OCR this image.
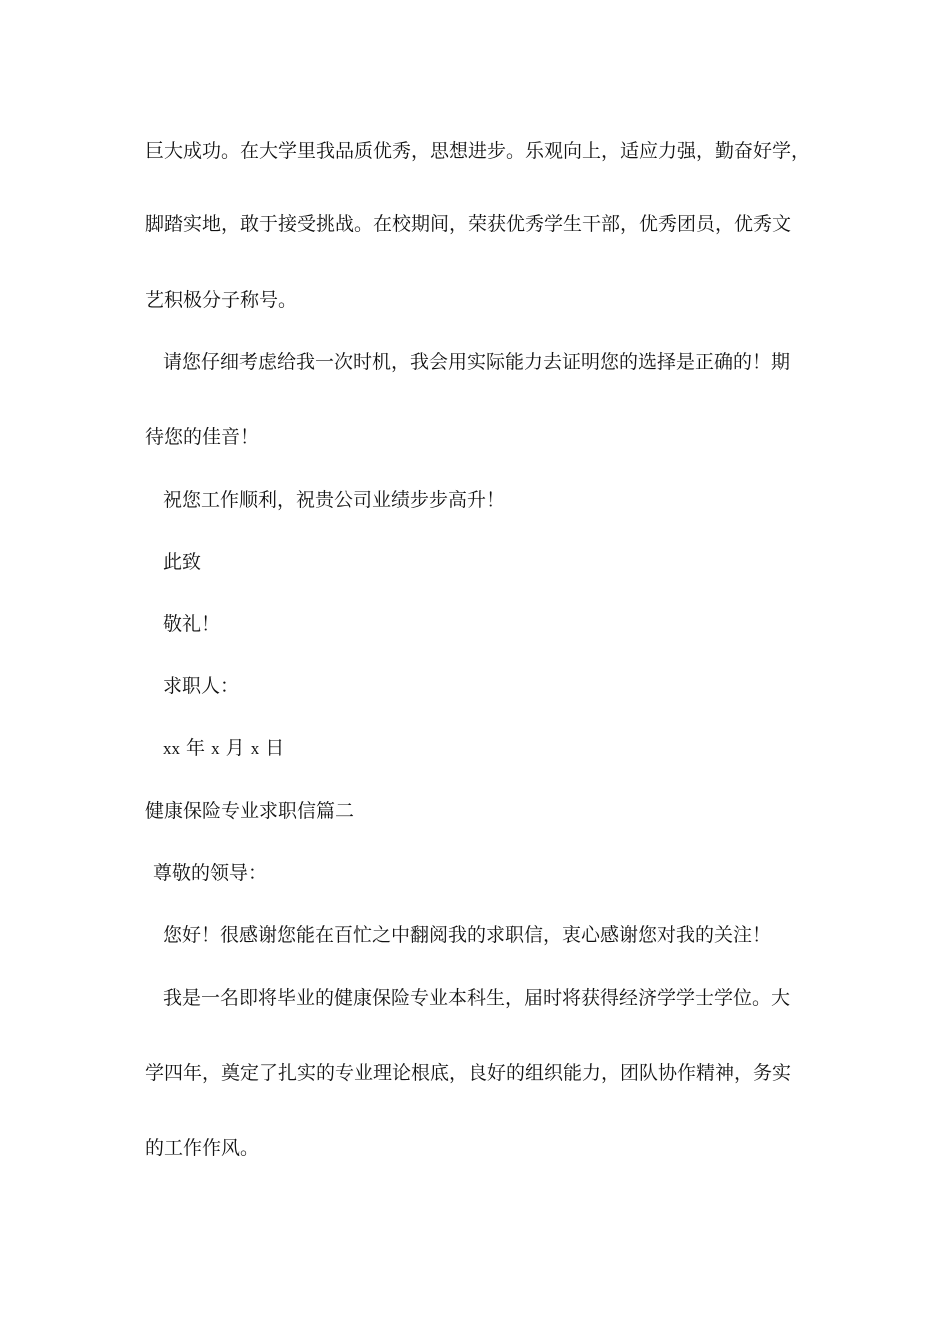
巨大成功。在大学里我品质优秀，思想进步。乐观向上，适应力强，勤奋好学，
脚踏实地，敢于接受挑战。在校期间，荣获优秀学生干部，优秀团员，优秀文
艺积极分子称号。
请您仔细考虑给我一次时机，我会用实际能力去证明您的选择是正确的！期
待您的佳音！
祝您工作顺利，祝贵公司业绩步步高升！
此致
敬礼！
求职人：
xx 年 x 月 x 日
健康保险专业求职信篇二
尊敬的领导：
您好！很感谢您能在百忙之中翻阅我的求职信，衷心感谢您对我的关注！
我是一名即将毕业的健康保险专业本科生，届时将获得经济学学士学位。大
学四年，奠定了扎实的专业理论根底，良好的组织能力，团队协作精神，务实
的工作作风。
